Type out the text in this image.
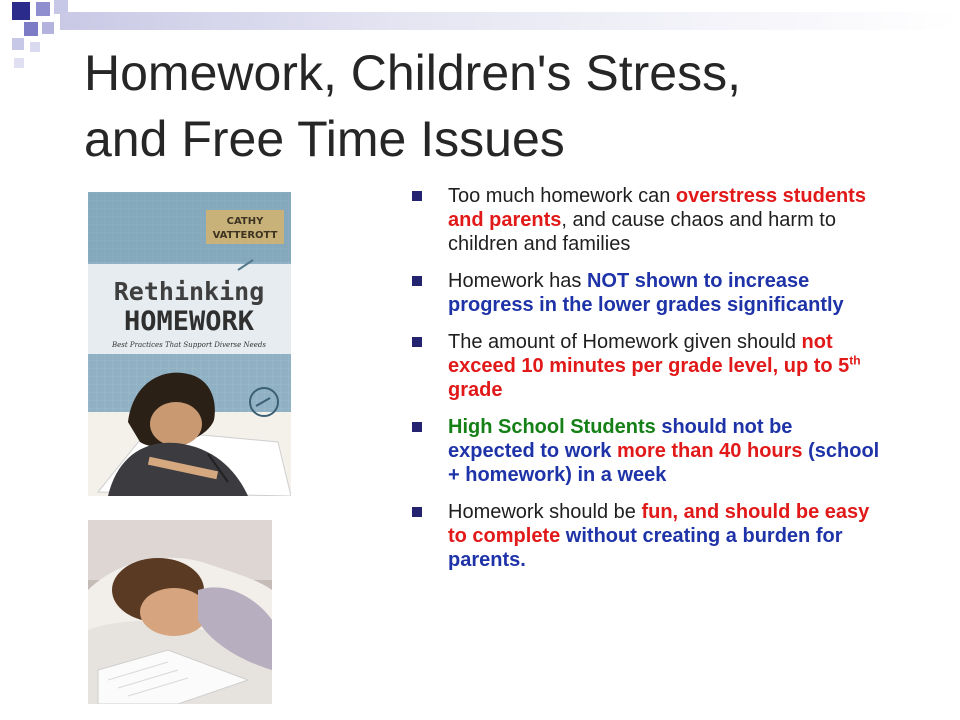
Homework, Children's Stress,
and Free Time Issues
CATHY
VATTEROTT
Rethinking
HOMEWORK
Best Practices That Support Diverse Needs
Too much homework can overstress students and parents, and cause chaos and harm to children and families
Homework has NOT shown to increase progress in the lower grades significantly
The amount of Homework given should not exceed 10 minutes per grade level, up to 5th grade
High School Students should not be expected to work more than 40 hours (school + homework) in a week
Homework should be fun, and should be easy to complete without creating a burden for parents.
